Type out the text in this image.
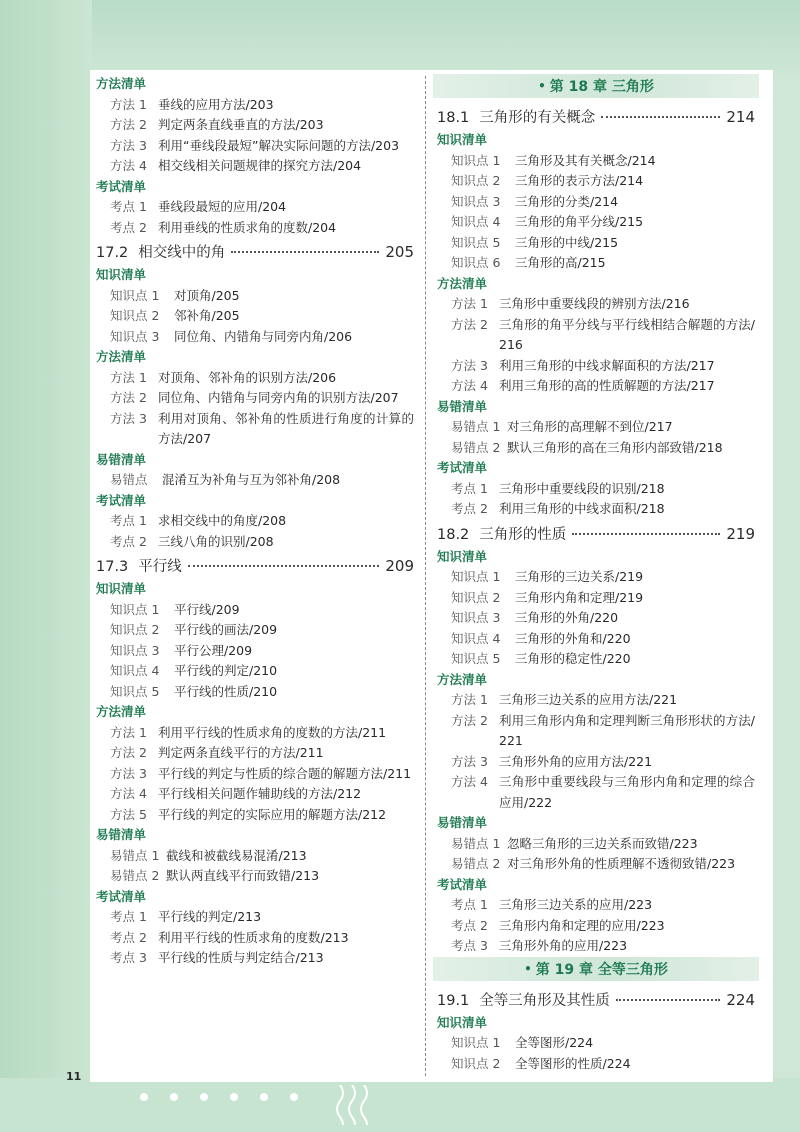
方法清单
方法 1 垂线的应用方法/203
方法 2 判定两条直线垂直的方法/203
方法 3 利用“垂线段最短”解决实际问题的方法/203
方法 4 相交线相关问题规律的探究方法/204
考试清单
考点 1 垂线段最短的应用/204
考点 2 利用垂线的性质求角的度数/204
17.2 相交线中的角	205
知识清单
知识点 1	对顶角/205
知识点 2	邻补角/205
知识点 3	同位角、内错角与同旁内角/206
方法清单
方法 1 对顶角、邻补角的识别方法/206
方法 2 同位角、内错角与同旁内角的识别方法/207
方法 3 利用对顶角、邻补角的性质进行角度的计算的方法/207
易错清单
易错点	混淆互为补角与互为邻补角/208
考试清单
考点 1 求相交线中的角度/208
考点 2 三线八角的识别/208
17.3 平行线	209
知识清单
知识点 1	平行线/209
知识点 2	平行线的画法/209
知识点 3	平行公理/209
知识点 4	平行线的判定/210
知识点 5	平行线的性质/210
方法清单
方法 1 利用平行线的性质求角的度数的方法/211
方法 2 判定两条直线平行的方法/211
方法 3 平行线的判定与性质的综合题的解题方法/211
方法 4 平行线相关问题作辅助线的方法/212
方法 5 平行线的判定的实际应用的解题方法/212
易错清单
易错点 1 截线和被截线易混淆/213
易错点 2 默认两直线平行而致错/213
考试清单
考点 1 平行线的判定/213
考点 2 利用平行线的性质求角的度数/213
考点 3 平行线的性质与判定结合/213
• 第 18 章 三角形
18.1 三角形的有关概念	214
知识清单
知识点 1	三角形及其有关概念/214
知识点 2	三角形的表示方法/214
知识点 3	三角形的分类/214
知识点 4	三角形的角平分线/215
知识点 5	三角形的中线/215
知识点 6	三角形的高/215
方法清单
方法 1 三角形中重要线段的辨别方法/216
方法 2 三角形的角平分线与平行线相结合解题的方法/216
方法 3 利用三角形的中线求解面积的方法/217
方法 4 利用三角形的高的性质解题的方法/217
易错清单
易错点 1 对三角形的高理解不到位/217
易错点 2 默认三角形的高在三角形内部致错/218
考试清单
考点 1 三角形中重要线段的识别/218
考点 2 利用三角形的中线求面积/218
18.2 三角形的性质	219
知识清单
知识点 1	三角形的三边关系/219
知识点 2	三角形内角和定理/219
知识点 3	三角形的外角/220
知识点 4	三角形的外角和/220
知识点 5	三角形的稳定性/220
方法清单
方法 1 三角形三边关系的应用方法/221
方法 2 利用三角形内角和定理判断三角形形状的方法/221
方法 3 三角形外角的应用方法/221
方法 4 三角形中重要线段与三角形内角和定理的综合应用/222
易错清单
易错点 1 忽略三角形的三边关系而致错/223
易错点 2 对三角形外角的性质理解不透彻致错/223
考试清单
考点 1 三角形三边关系的应用/223
考点 2 三角形内角和定理的应用/223
考点 3 三角形外角的应用/223
• 第 19 章 全等三角形
19.1 全等三角形及其性质	224
知识清单
知识点 1	全等图形/224
知识点 2	全等图形的性质/224
11
